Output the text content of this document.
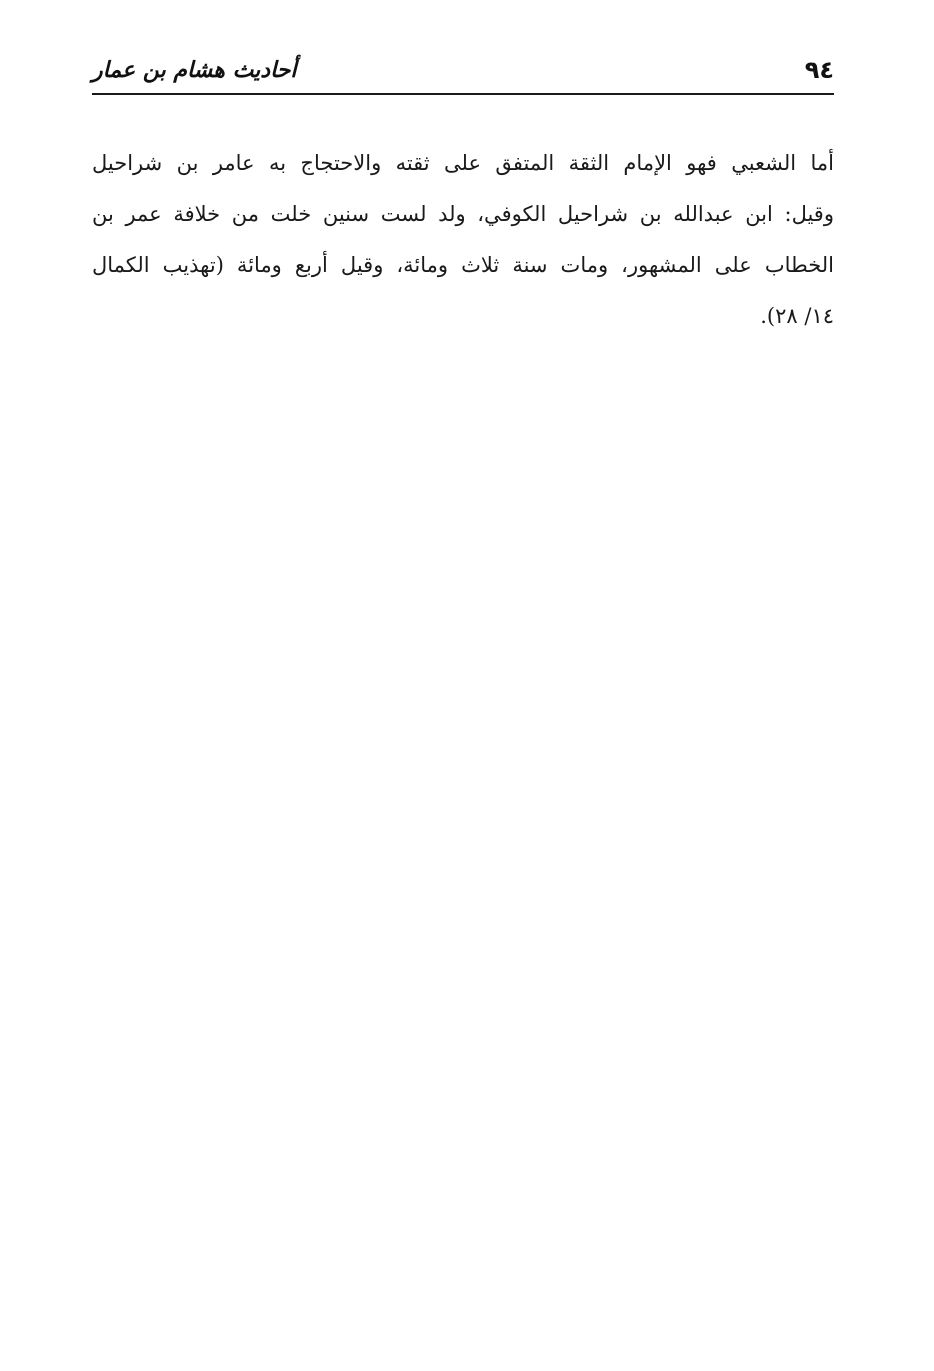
أحاديث هشام بن عمار	٩٤
أما الشعبي فهو الإمام الثقة المتفق على ثقته والاحتجاج به عامر بن شراحيل
وقيل: ابن عبدالله بن شراحيل الكوفي، ولد لست سنين خلت من خلافة عمر بن
الخطاب على المشهور، ومات سنة ثلاث ومائة، وقيل أربع ومائة (تهذيب الكمال
١٤/ ٢٨).
